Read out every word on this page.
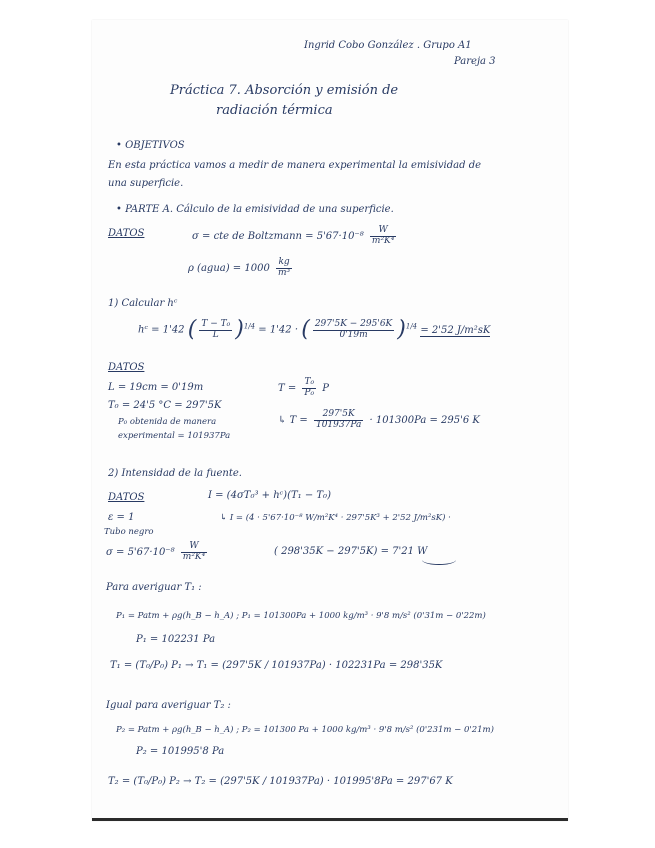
Ingrid Cobo González . Grupo A1
Pareja 3
Práctica 7. Absorción y emisión de
radiación térmica
• OBJETIVOS
En esta práctica vamos a medir de manera experimental la emisividad de
una superficie.
• PARTE A. Cálculo de la emisividad de una superficie.
DATOS	σ = cte de Boltzmann = $5'67\cdot 10^{-8} \frac{W}{\text{m²K⁴}}$
ρ (agua) = $1000 \frac{kg}{\text{m³}}$
1) Calcular hᶜ
hᶜ = 1'42 ( $\frac{\text{T − T₀}}{L} )^{1/4} = 1'42$ · ( $\frac{297'5K - 295'6K}{0'19m} )^{1/4} = 2'52$ J/m²sK
DATOS
L = 19cm = 0'19m
T₀ = 24'5 °C = 297'5K
P₀ obtenida de manera
experimental = 101937Pa
$T = \frac{\text{T₀}}{\text{P₀}}$ P
↳ $T = \frac{297'5K}{101937Pa} \cdot 101300Pa = 295'6$ K
2) Intensidad de la fuente.
DATOS	I = (4σT₀³ + hᶜ)(T₁ − T₀)
ε = 1
Tubo negro
$\sigma = 5'67\cdot 10^{-8} \frac{W}{\text{m²K⁴}}$
↳ I = (4 · 5'67·10⁻⁸ W/m²K⁴ · 297'5K³ + 2'52 J/m²sK) ·
( 298'35K − 297'5K) = 7'21 W
Para averiguar T₁ :
P₁ = Patm + ρg(h_B − h_A) ; P₁ = 101300Pa + 1000 kg/m³ · 9'8 m/s² (0'31m − 0'22m)
P₁ = 102231 Pa
T₁ = (T₀/P₀) P₁ → T₁ = (297'5K / 101937Pa) · 102231Pa = 298'35K
Igual para averiguar T₂ :
P₂ = Patm + ρg(h_B − h_A) ; P₂ = 101300 Pa + 1000 kg/m³ · 9'8 m/s² (0'231m − 0'21m)
P₂ = 101995'8 Pa
T₂ = (T₀/P₀) P₂ → T₂ = (297'5K / 101937Pa) · 101995'8Pa = 297'67 K
